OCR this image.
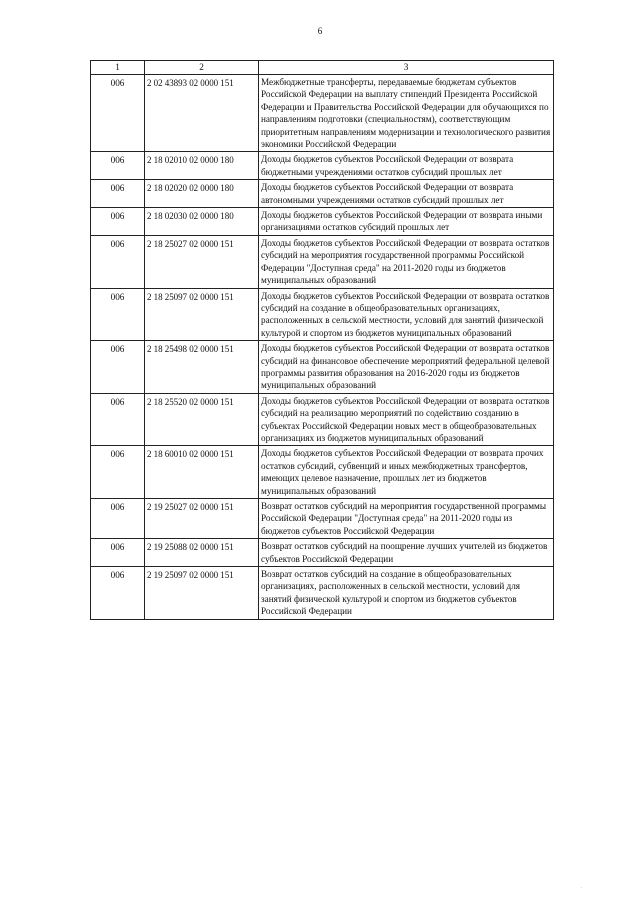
6
1	2	3
006	2 02 43893 02 0000 151	Межбюджетные трансферты, передаваемые бюджетам субъектов Российской Федерации на выплату стипендий Президента Российской Федерации и Правительства Российской Федерации для обучающихся по направлениям подготовки (специальностям), соответствующим приоритетным направлениям модернизации и технологического развития экономики Российской Федерации
006	2 18 02010 02 0000 180	Доходы бюджетов субъектов Российской Федерации от возврата бюджетными учреждениями остатков субсидий прошлых лет
006	2 18 02020 02 0000 180	Доходы бюджетов субъектов Российской Федерации от возврата автономными учреждениями остатков субсидий прошлых лет
006	2 18 02030 02 0000 180	Доходы бюджетов субъектов Российской Федерации от возврата иными организациями остатков субсидий прошлых лет
006	2 18 25027 02 0000 151	Доходы бюджетов субъектов Российской Федерации от возврата остатков субсидий на мероприятия государственной программы Российской Федерации "Доступная среда" на 2011-2020 годы из бюджетов муниципальных образований
006	2 18 25097 02 0000 151	Доходы бюджетов субъектов Российской Федерации от возврата остатков субсидий на создание в общеобразовательных организациях, расположенных в сельской местности, условий для занятий физической культурой и спортом из бюджетов муниципальных образований
006	2 18 25498 02 0000 151	Доходы бюджетов субъектов Российской Федерации от возврата остатков субсидий на финансовое обеспечение мероприятий федеральной целевой программы развития образования на 2016-2020 годы из бюджетов муниципальных образований
006	2 18 25520 02 0000 151	Доходы бюджетов субъектов Российской Федерации от возврата остатков субсидий на реализацию мероприятий по содействию созданию в субъектах Российской Федерации новых мест в общеобразовательных организациях из бюджетов муниципальных образований
006	2 18 60010 02 0000 151	Доходы бюджетов субъектов Российской Федерации от возврата прочих остатков субсидий, субвенций и иных межбюджетных трансфертов, имеющих целевое назначение, прошлых лет из бюджетов муниципальных образований
006	2 19 25027 02 0000 151	Возврат остатков субсидий на мероприятия государственной программы Российской Федерации "Доступная среда" на 2011-2020 годы из бюджетов субъектов Российской Федерации
006	2 19 25088 02 0000 151	Возврат остатков субсидий на поощрение лучших учителей из бюджетов субъектов Российской Федерации
006	2 19 25097 02 0000 151	Возврат остатков субсидий на создание в общеобразовательных организациях, расположенных в сельской местности, условий для занятий физической культурой и спортом из бюджетов субъектов Российской Федерации
·
